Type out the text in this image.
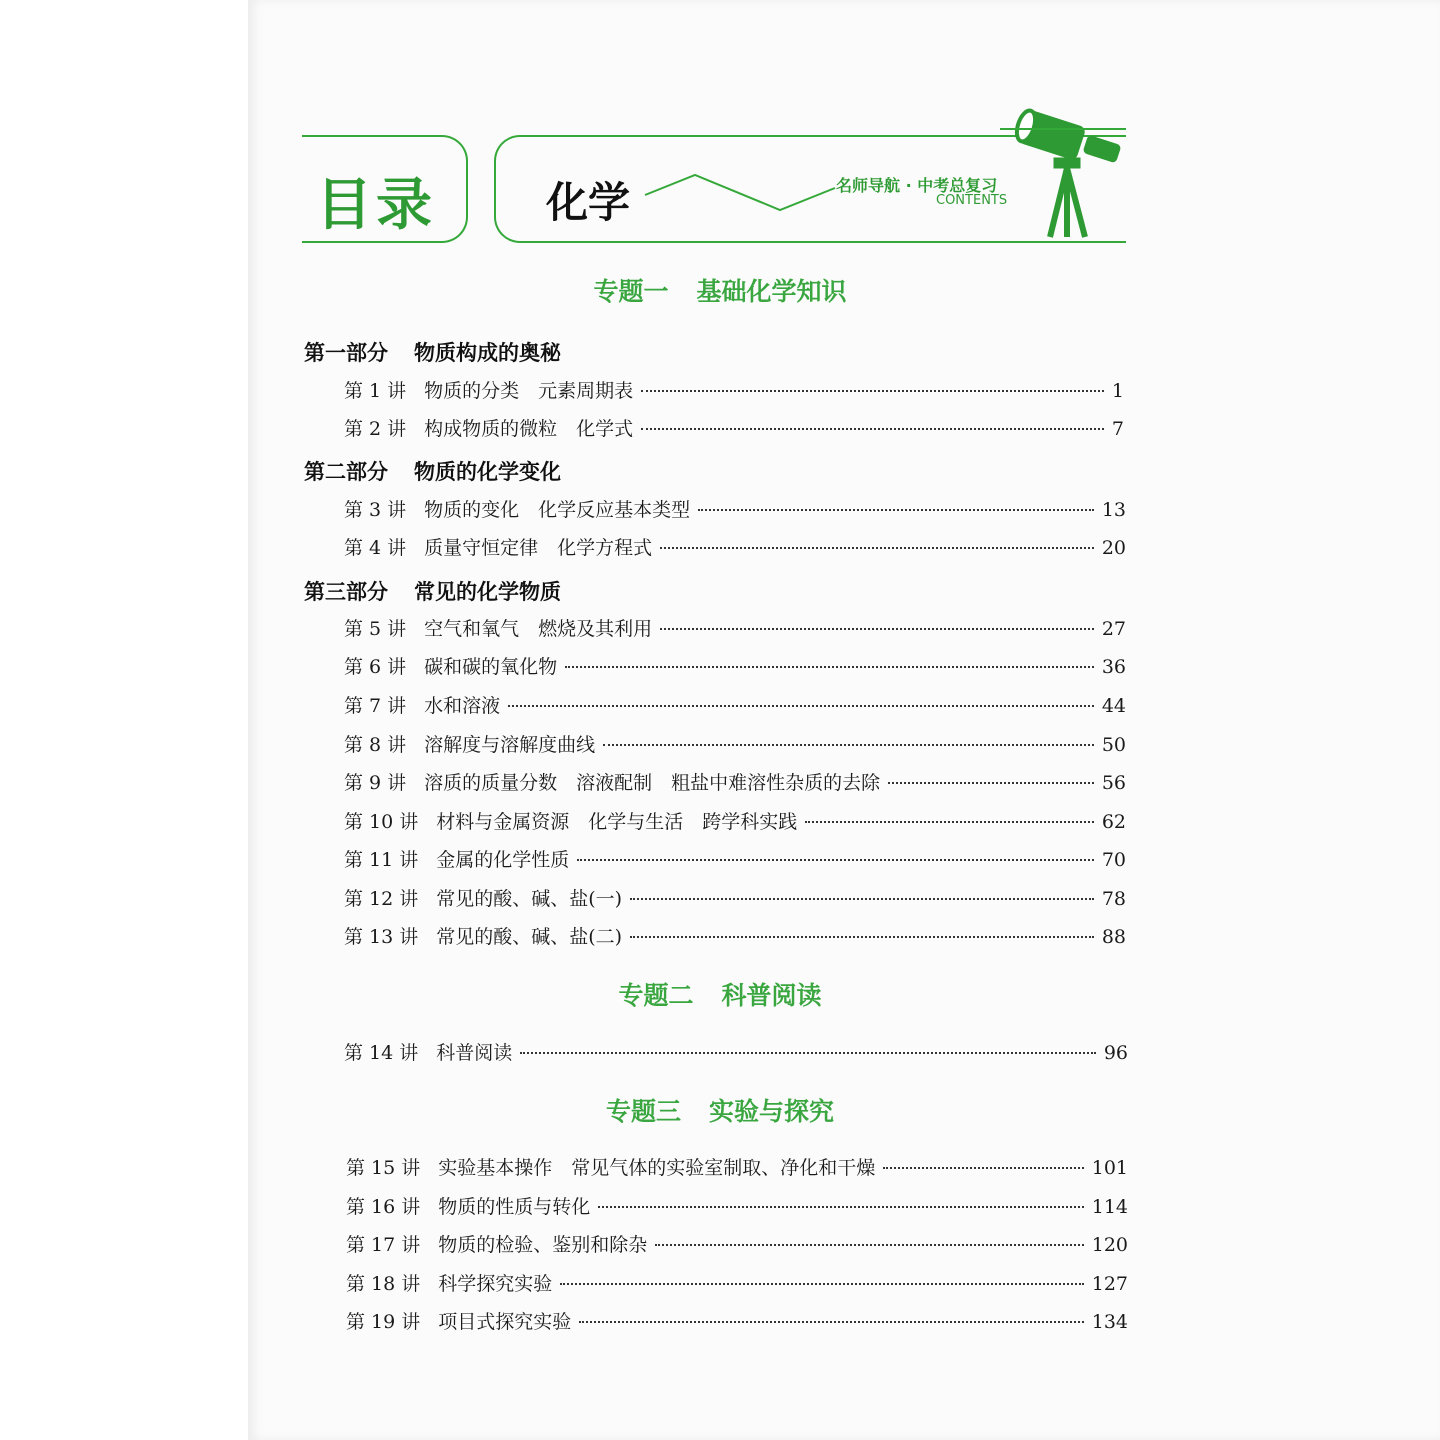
目录	化学	名师导航 · 中考总复习
CONTENTS
专题一 基础化学知识
第一部分 物质构成的奥秘
第 1 讲 物质的分类　元素周期表	1
第 2 讲 构成物质的微粒　化学式	7
第二部分 物质的化学变化
第 3 讲 物质的变化　化学反应基本类型	13
第 4 讲 质量守恒定律　化学方程式	20
第三部分 常见的化学物质
第 5 讲 空气和氧气　燃烧及其利用	27
第 6 讲 碳和碳的氧化物	36
第 7 讲 水和溶液	44
第 8 讲 溶解度与溶解度曲线	50
第 9 讲 溶质的质量分数　溶液配制　粗盐中难溶性杂质的去除	56
第 10 讲 材料与金属资源　化学与生活　跨学科实践	62
第 11 讲 金属的化学性质	70
第 12 讲 常见的酸、碱、盐(一)	78
第 13 讲 常见的酸、碱、盐(二)	88
专题二 科普阅读
第 14 讲 科普阅读	96
专题三 实验与探究
第 15 讲 实验基本操作　常见气体的实验室制取、净化和干燥	101
第 16 讲 物质的性质与转化	114
第 17 讲 物质的检验、鉴别和除杂	120
第 18 讲 科学探究实验	127
第 19 讲 项目式探究实验	134
